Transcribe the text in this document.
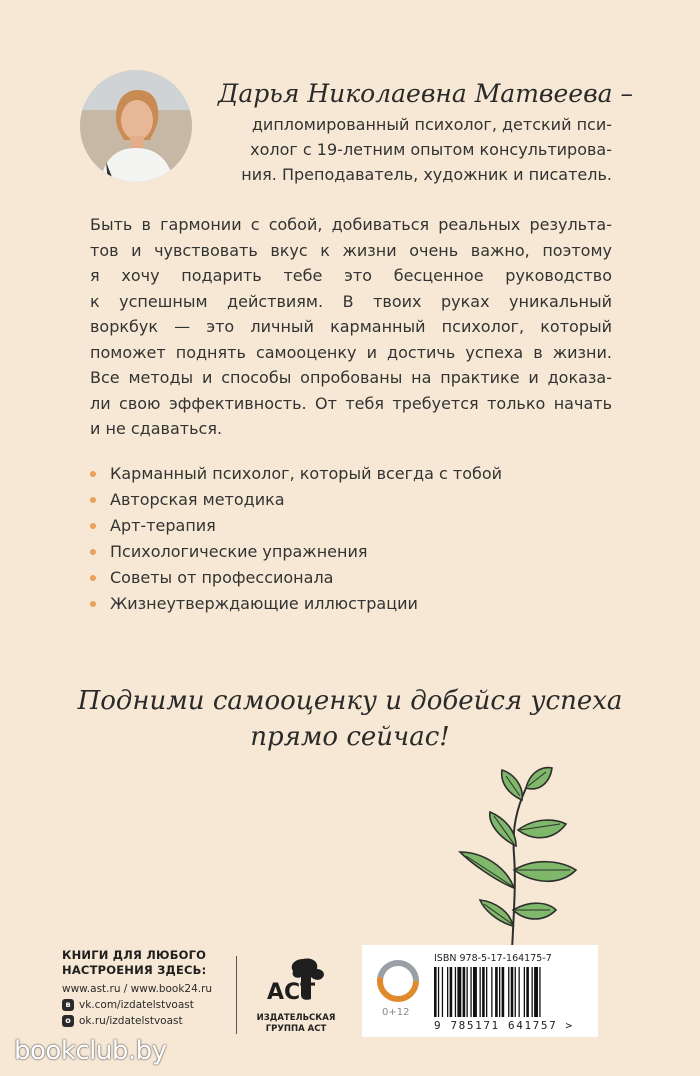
Дарья Николаевна Матвеева –
дипломированный психолог, детский пси-
холог с 19-летним опытом консультирова-
ния. Преподаватель, художник и писатель.
Быть в гармонии с собой, добиваться реальных результа-
тов и чувствовать вкус к жизни очень важно, поэтому
я хочу подарить тебе это бесценное руководство
к успешным действиям. В твоих руках уникальный
воркбук — это личный карманный психолог, который
поможет поднять самооценку и достичь успеха в жизни.
Все методы и способы опробованы на практике и доказа-
ли свою эффективность. От тебя требуется только начать
и не сдаваться.
Карманный психолог, который всегда с тобой
Авторская методика
Арт-терапия
Психологические упражнения
Советы от профессионала
Жизнеутверждающие иллюстрации
Подними самооценку и добейся успеха
прямо сейчас!
КНИГИ ДЛЯ ЛЮБОГО
НАСТРОЕНИЯ ЗДЕСЬ:
www.ast.ru / www.book24.ru
в vk.com/izdatelstvoast
о ok.ru/izdatelstvoast
АСТ
ИЗДАТЕЛЬСКАЯ
ГРУППА АСТ
0+12
ISBN 978-5-17-164175-7
9 785171 641757 >
bookclub.by
